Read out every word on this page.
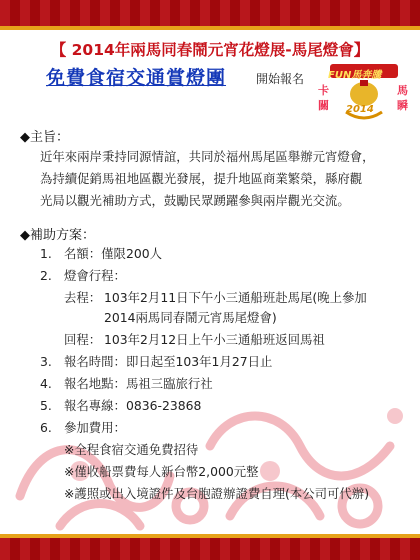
【 2014年兩馬同春鬧元宵花燈展-馬尾燈會】
免費食宿交通賞燈團 開始報名 FUN馬奔騰
卡
關
馬
瞬
2014
◆主旨：
近年來兩岸秉持同源情誼，共同於福州馬尾區舉辦元宵燈會，
為持續促銷馬祖地區觀光發展，提升地區商業繁榮，縣府觀
光局以觀光補助方式，鼓勵民眾踴躍參與兩岸觀光交流。
◆補助方案：
1. 名額：僅限200人
2. 燈會行程：
去程： 103年2月11日下午小三通船班赴馬尾(晚上參加
2014兩馬同春鬧元宵馬尾燈會)
回程： 103年2月12日上午小三通船班返回馬祖
3. 報名時間：即日起至103年1月27日止
4. 報名地點：馬祖三臨旅行社
5. 報名專線：0836-23868
6. 參加費用：
※全程食宿交通免費招待
※僅收船票費每人新台幣2,000元整
※護照或出入境證件及台胞證辦證費自理(本公司可代辦)
